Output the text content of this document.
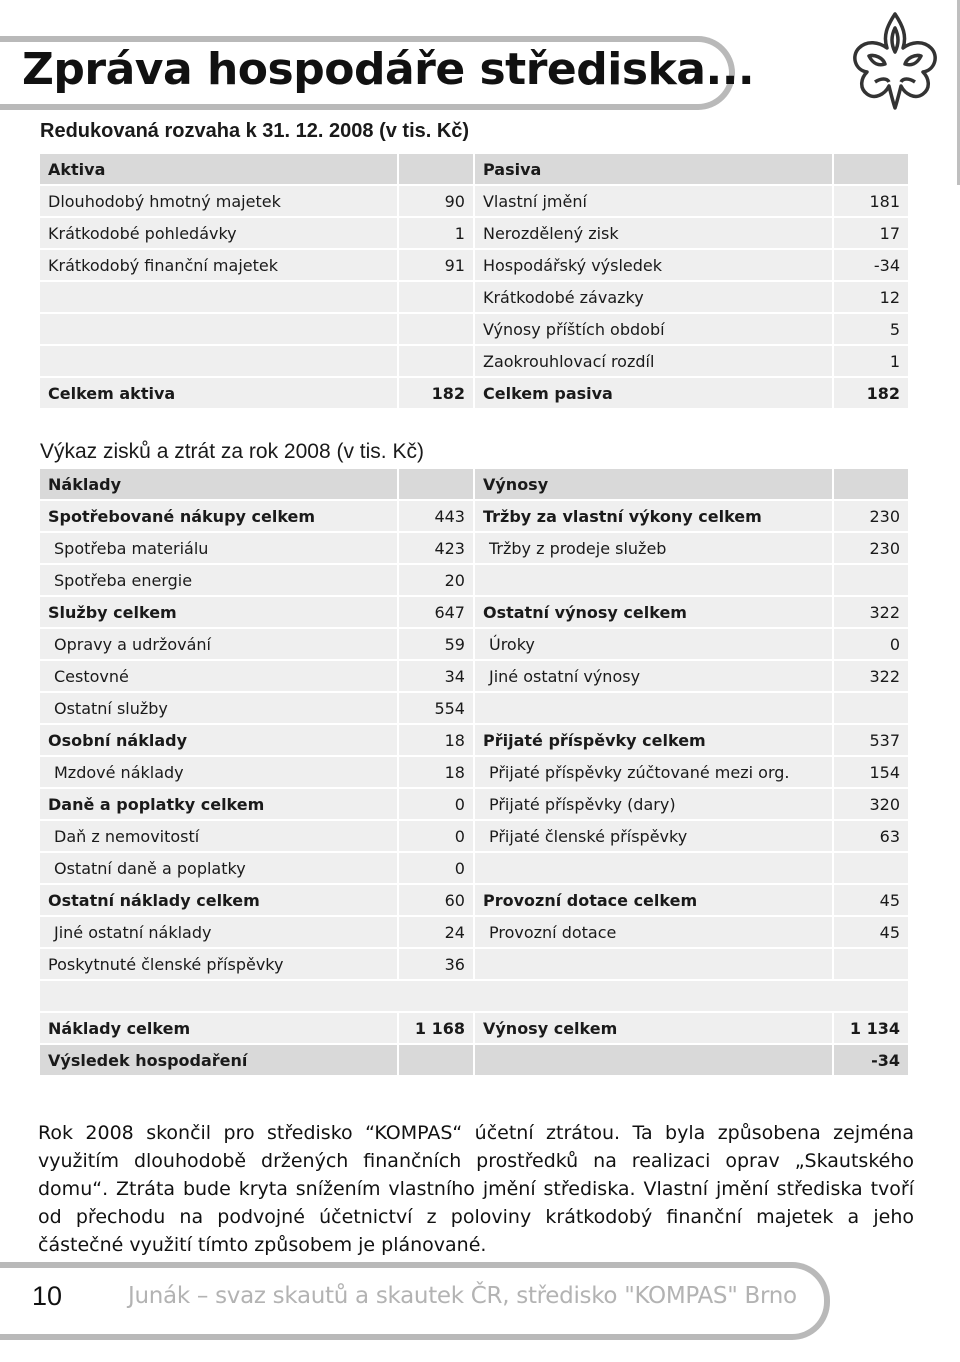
Zpráva hospodáře střediska...
Redukovaná rozvaha k 31. 12. 2008 (v tis. Kč)
Aktiva		Pasiva	
Dlouhodobý hmotný majetek	90	Vlastní jmění	181
Krátkodobé pohledávky	1	Nerozdělený zisk	17
Krátkodobý finanční majetek	91	Hospodářský výsledek	-34
		Krátkodobé závazky	12
		Výnosy příštích období	5
		Zaokrouhlovací rozdíl	1
Celkem aktiva	182	Celkem pasiva	182
Výkaz zisků a ztrát za rok 2008 (v tis. Kč)
Náklady		Výnosy	
Spotřebované nákupy celkem	443	Tržby za vlastní výkony celkem	230
Spotřeba materiálu	423	Tržby z prodeje služeb	230
Spotřeba energie	20		
Služby celkem	647	Ostatní výnosy celkem	322
Opravy a udržování	59	Úroky	0
Cestovné	34	Jiné ostatní výnosy	322
Ostatní služby	554		
Osobní náklady	18	Přijaté příspěvky celkem	537
Mzdové náklady	18	Přijaté příspěvky zúčtované mezi org.	154
Daně a poplatky celkem	0	Přijaté příspěvky (dary)	320
Daň z nemovitostí	0	Přijaté členské příspěvky	63
Ostatní daně a poplatky	0		
Ostatní náklady celkem	60	Provozní dotace celkem	45
Jiné ostatní náklady	24	Provozní dotace	45
Poskytnuté členské příspěvky	36		

Náklady celkem	1 168	Výnosy celkem	1 134
Výsledek hospodaření			-34
Rok 2008 skončil pro středisko “KOMPAS“ účetní ztrátou. Ta byla způsobena zejména využitím dlouhodobě držených finančních prostředků na realizaci oprav „Skautského domu“. Ztráta bude kryta snížením vlastního jmění střediska. Vlastní jmění střediska tvoří od přechodu na podvojné účetnictví z poloviny krátkodobý finanční majetek a jeho částečné využití tímto způsobem je plánované.
10	Junák – svaz skautů a skautek ČR, středisko "KOMPAS" Brno
